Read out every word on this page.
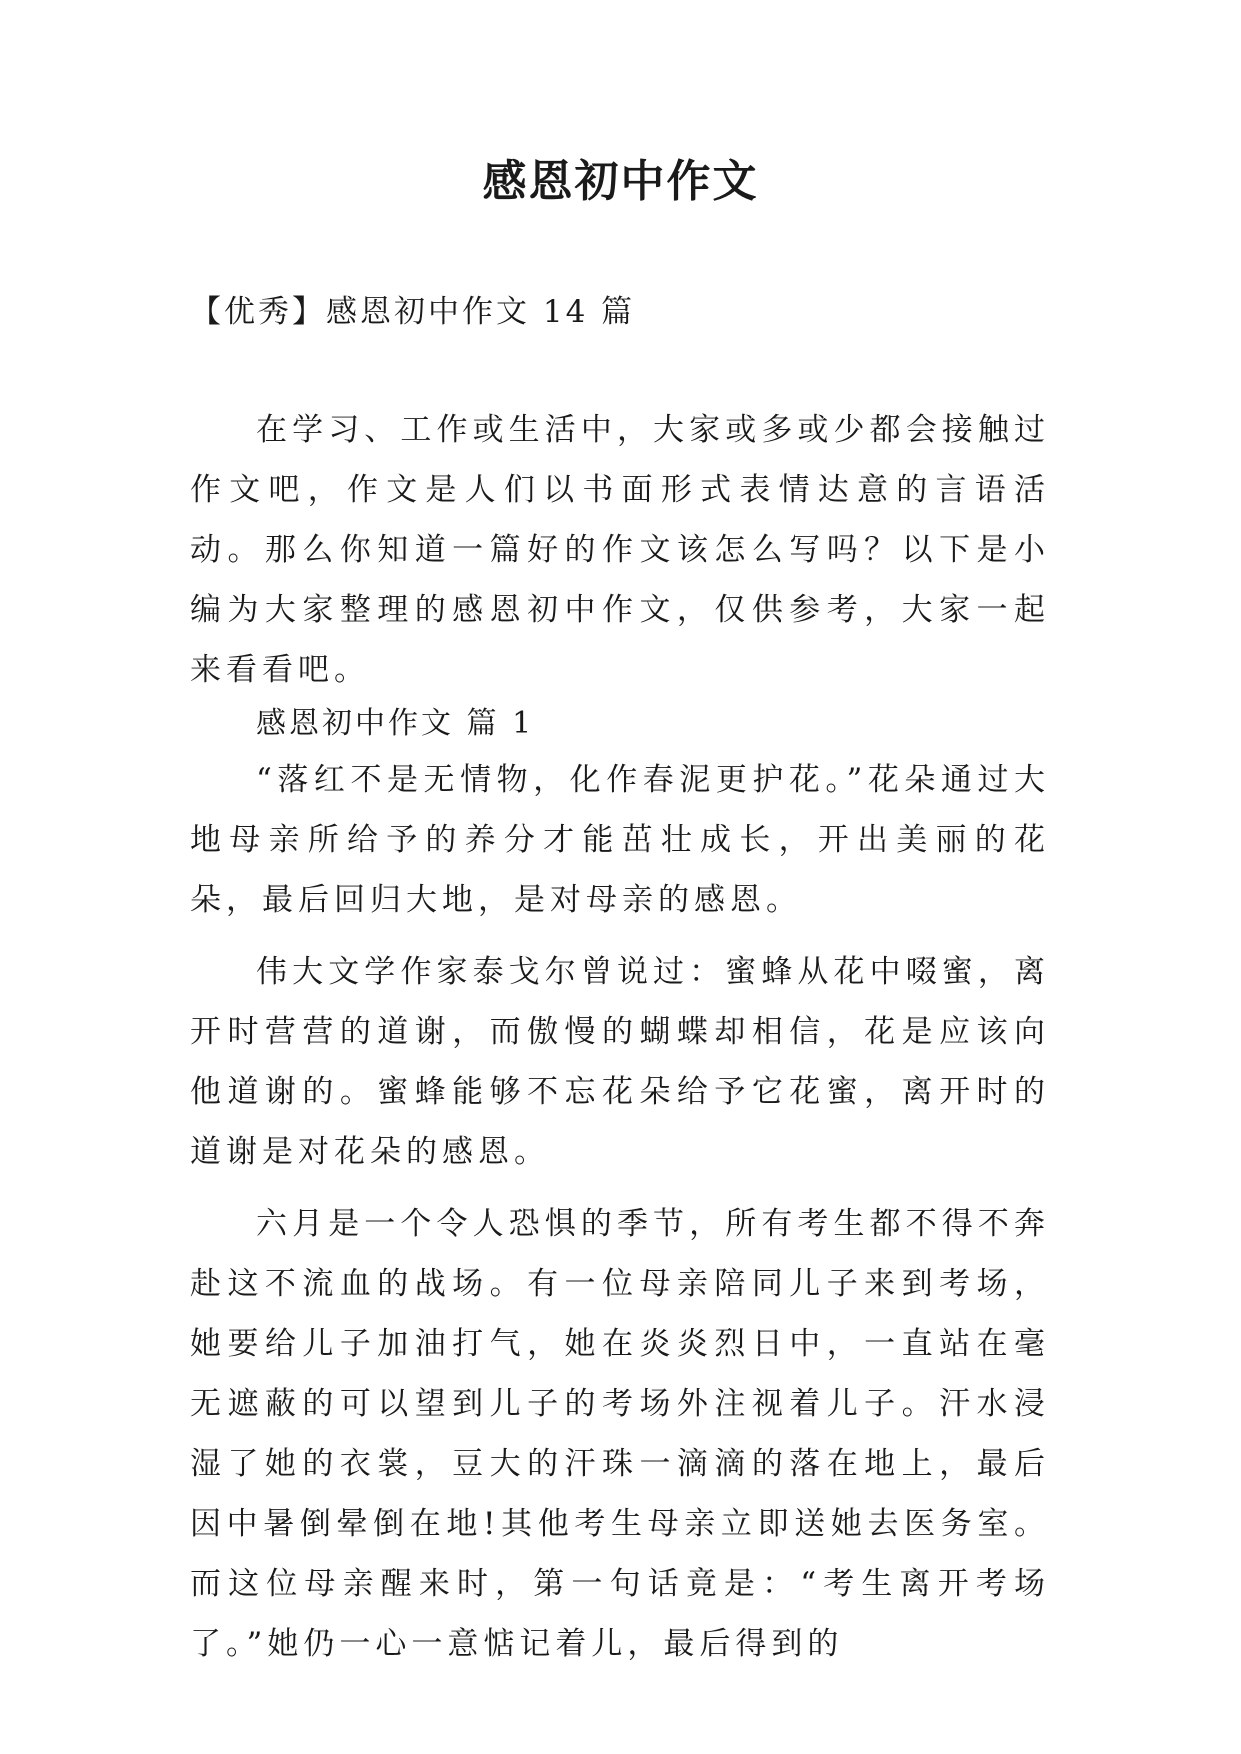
感恩初中作文

【优秀】感恩初中作文 14 篇

在学习、工作或生活中，大家或多或少都会接触过作文吧，作文是人们以书面形式表情达意的言语活动。那么你知道一篇好的作文该怎么写吗？以下是小编为大家整理的感恩初中作文，仅供参考，大家一起来看看吧。

感恩初中作文 篇 1

“落红不是无情物，化作春泥更护花。”花朵通过大地母亲所给予的养分才能茁壮成长，开出美丽的花朵，最后回归大地，是对母亲的感恩。

伟大文学作家泰戈尔曾说过：蜜蜂从花中啜蜜，离开时营营的道谢，而傲慢的蝴蝶却相信，花是应该向他道谢的。蜜蜂能够不忘花朵给予它花蜜，离开时的道谢是对花朵的感恩。

六月是一个令人恐惧的季节，所有考生都不得不奔赴这不流血的战场。有一位母亲陪同儿子来到考场，她要给儿子加油打气，她在炎炎烈日中，一直站在毫无遮蔽的可以望到儿子的考场外注视着儿子。汗水浸湿了她的衣裳，豆大的汗珠一滴滴的落在地上，最后因中暑倒晕倒在地!其他考生母亲立即送她去医务室。而这位母亲醒来时，第一句话竟是：“考生离开考场了。”她仍一心一意惦记着儿，最后得到的
